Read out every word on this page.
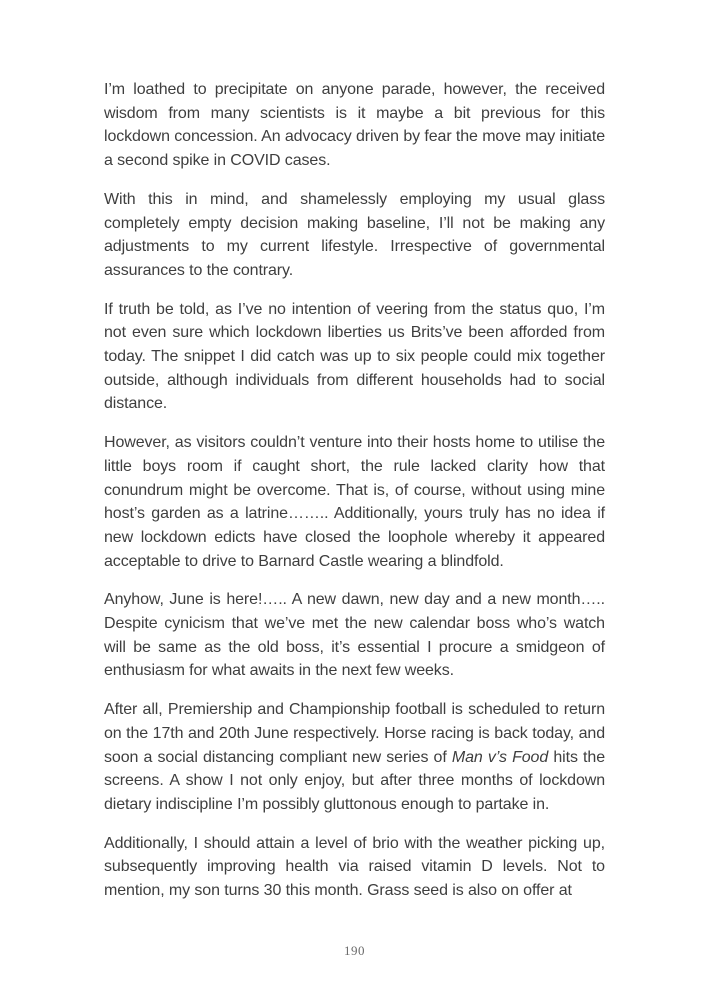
I’m loathed to precipitate on anyone parade, however, the received wisdom from many scientists is it maybe a bit previous for this lockdown concession. An advocacy driven by fear the move may initiate a second spike in COVID cases.

With this in mind, and shamelessly employing my usual glass completely empty decision making baseline, I’ll not be making any adjustments to my current lifestyle. Irrespective of governmental assurances to the contrary.

If truth be told, as I’ve no intention of veering from the status quo, I’m not even sure which lockdown liberties us Brits’ve been afforded from today. The snippet I did catch was up to six people could mix together outside, although individuals from different households had to social distance.

However, as visitors couldn’t venture into their hosts home to utilise the little boys room if caught short, the rule lacked clarity how that conundrum might be overcome. That is, of course, without using mine host’s garden as a latrine…….. Additionally, yours truly has no idea if new lockdown edicts have closed the loophole whereby it appeared acceptable to drive to Barnard Castle wearing a blindfold.

Anyhow, June is here!….. A new dawn, new day and a new month….. Despite cynicism that we’ve met the new calendar boss who’s watch will be same as the old boss, it’s essential I procure a smidgeon of enthusiasm for what awaits in the next few weeks.

After all, Premiership and Championship football is scheduled to return on the 17th and 20th June respectively. Horse racing is back today, and soon a social distancing compliant new series of Man v’s Food hits the screens. A show I not only enjoy, but after three months of lockdown dietary indiscipline I’m possibly gluttonous enough to partake in.

Additionally, I should attain a level of brio with the weather picking up, subsequently improving health via raised vitamin D levels. Not to mention, my son turns 30 this month. Grass seed is also on offer at

190
